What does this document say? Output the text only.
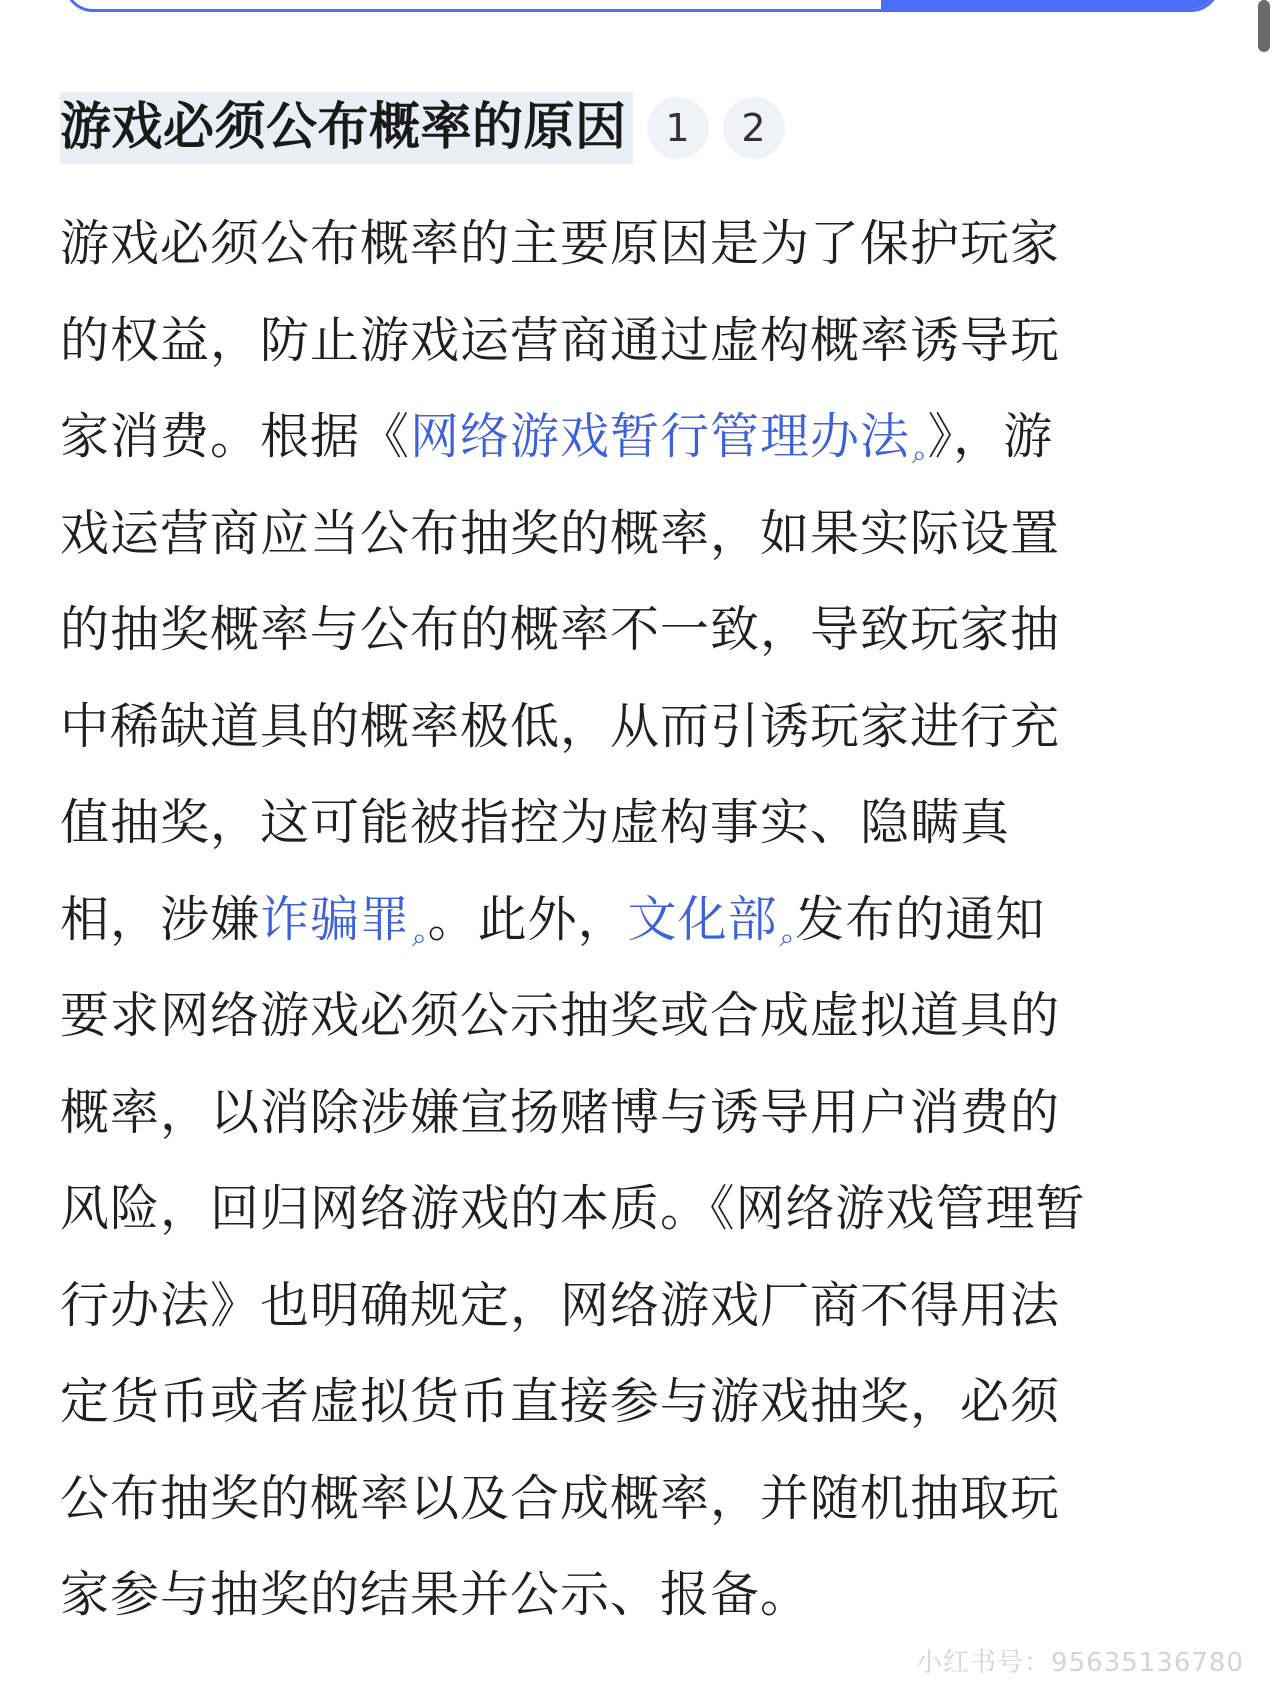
游戏必须公布概率的原因	1	2
游戏必须公布概率的主要原因是为了保护玩家
的权益，防止游戏运营商通过虚构概率诱导玩
家消费。根据《网络游戏暂行管理办法⌕》，游
戏运营商应当公布抽奖的概率，如果实际设置
的抽奖概率与公布的概率不一致，导致玩家抽
中稀缺道具的概率极低，从而引诱玩家进行充
值抽奖，这可能被指控为虚构事实、隐瞒真
相，涉嫌诈骗罪⌕。此外，文化部⌕发布的通知
要求网络游戏必须公示抽奖或合成虚拟道具的
概率，以消除涉嫌宣扬赌博与诱导用户消费的
风险，回归网络游戏的本质。《网络游戏管理暂
行办法》也明确规定，网络游戏厂商不得用法
定货币或者虚拟货币直接参与游戏抽奖，必须
公布抽奖的概率以及合成概率，并随机抽取玩
家参与抽奖的结果并公示、报备。
小红书号：95635136780
